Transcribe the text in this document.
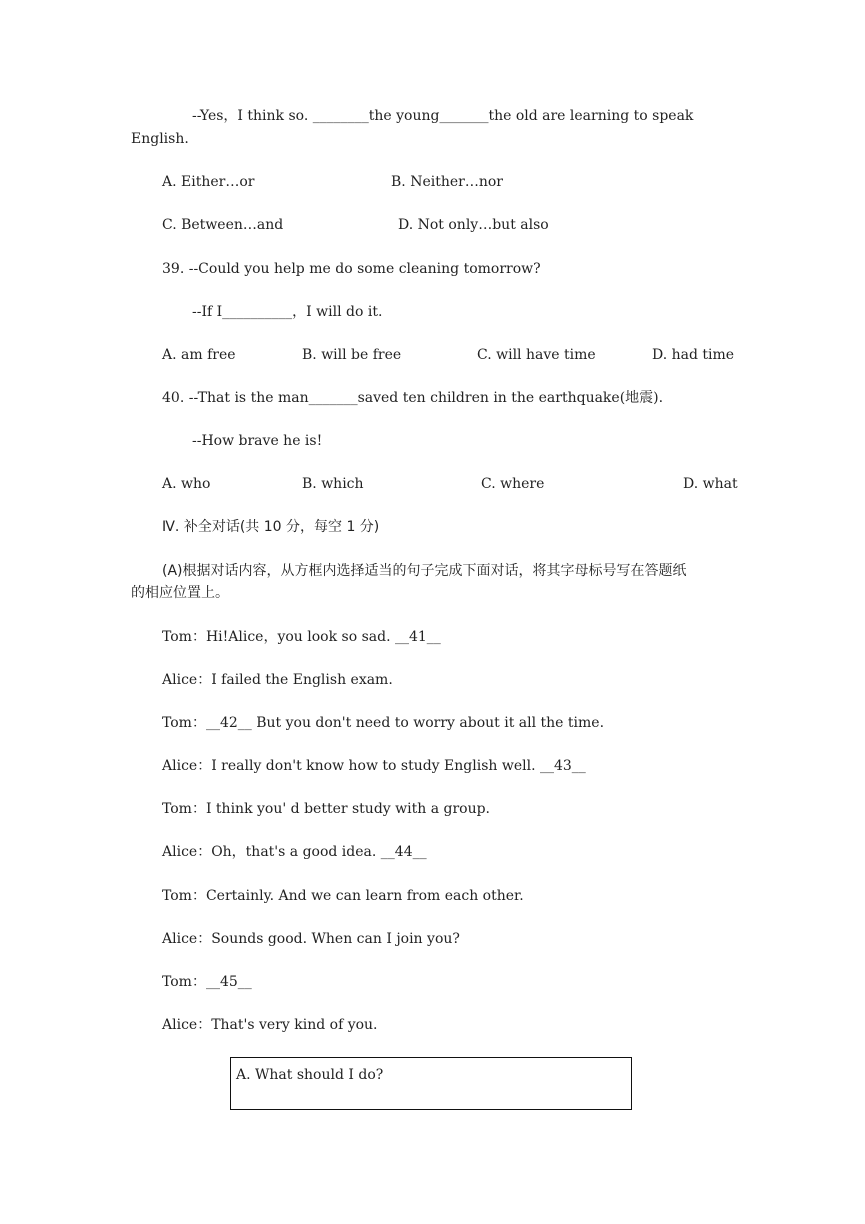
--Yes，I think so. ________the young_______the old are learning to speak
English.
A. Either…or	B. Neither…nor
C. Between…and	D. Not only…but also
39. --Could you help me do some cleaning tomorrow?
--If I__________，I will do it.
A. am free	B. will be free	C. will have time	D. had time
40. --That is the man_______saved ten children in the earthquake(地震).
--How brave he is!
A. who	B. which	C. where	D. what
Ⅳ. 补全对话(共 10 分，每空 1 分)
(A)根据对话内容，从方框内选择适当的句子完成下面对话，将其字母标号写在答题纸
的相应位置上。
Tom：Hi!Alice，you look so sad. __41__
Alice：I failed the English exam.
Tom：__42__ But you don't need to worry about it all the time.
Alice：I really don't know how to study English well. __43__
Tom：I think you' d better study with a group.
Alice：Oh，that's a good idea. __44__
Tom：Certainly. And we can learn from each other.
Alice：Sounds good. When can I join you?
Tom：__45__
Alice：That's very kind of you.
A. What should I do?
